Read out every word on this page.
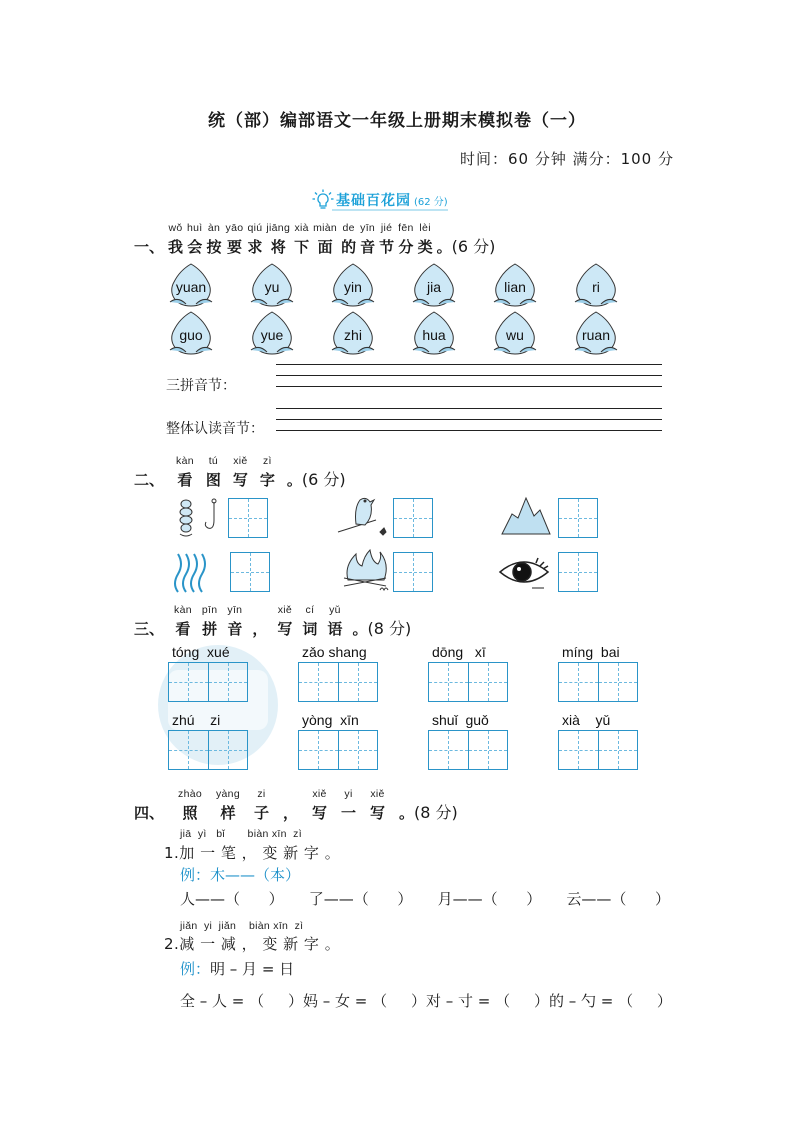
统（部）编部语文一年级上册期末模拟卷（一）
时间：60 分钟 满分：100 分
基础百花园 (62 分)
一、
wǒ
我
huì
会
àn
按
yāo
要
qiú
求
jiāng
将
xià
下
miàn
面
de
的
yīn
音
jié
节
fēn
分
lèi
类 。 (6 分)
yuan	yu	yin	jia	lian	ri
guo	yue	zhi	hua	wu	ruan
三拼音节：
整体认读音节：
二、
kàn
看
tú
图
xiě
写
zì
字 。 (6 分)
三、
kàn
看
pīn
拼
yīn
音 ，
xiě
写
cí
词
yǔ
语 。 (8 分)
tóng  xué	zǎo shang	dōng   xī	míng  bai
zhú    zi	yòng  xīn	shuǐ  guǒ	xià    yǔ
四、
zhào
照
yàng
样
zi
子 ，
xiě
写
yi
一
xiě
写 。 (8 分)
jiā  yì   bǐ       biàn xīn  zì
1.加 一 笔 ， 变 新 字 。
例：木——（本）
人——（      ） 了——（      ） 月——（      ） 云——（      ）
jiǎn  yi  jiǎn    biàn xīn  zì
2.减 一 减 ， 变 新 字 。
例：明 – 月 = 日
全 – 人 = （     ） 妈 – 女 = （     ） 对 – 寸 = （     ） 的 – 勺 = （     ）
